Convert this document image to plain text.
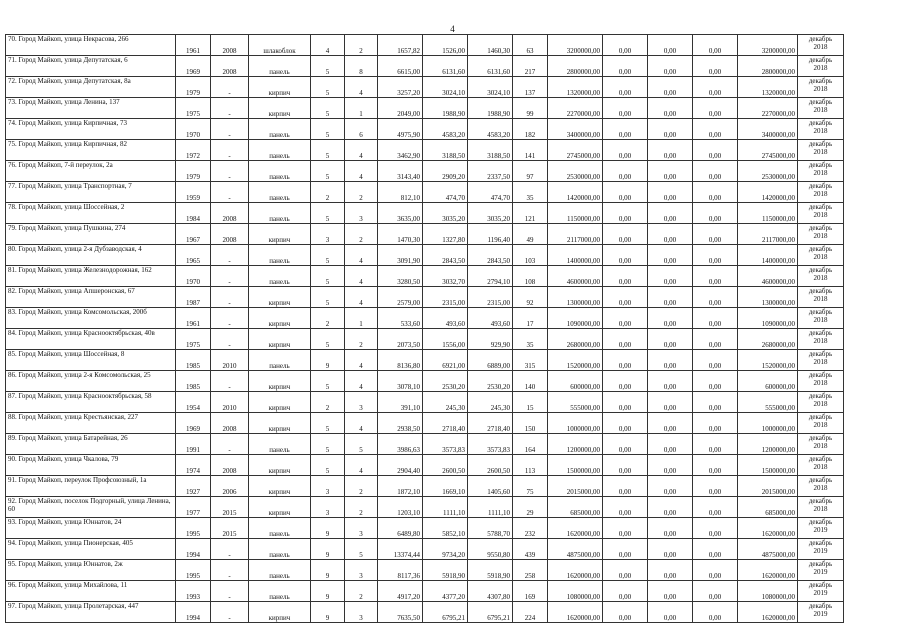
4
70. Город Майкоп, улица Некрасова, 266	1961	2008	шлакоблок	4	2	1657,82	1526,00	1460,30	63	3200000,00	0,00	0,00	0,00	3200000,00	декабрь
2018

71. Город Майкоп, улица Депутатская, 6	1969	2008	панель	5	8	6615,00	6131,60	6131,60	217	2800000,00	0,00	0,00	0,00	2800000,00	декабрь
2018

72. Город Майкоп, улица Депутатская, 8а	1979	-	кирпич	5	4	3257,20	3024,10	3024,10	137	1320000,00	0,00	0,00	0,00	1320000,00	декабрь
2018

73. Город Майкоп, улица Ленина, 137	1975	-	кирпич	5	1	2049,00	1988,90	1988,90	99	2270000,00	0,00	0,00	0,00	2270000,00	декабрь
2018

74. Город Майкоп, улица Кирпичная, 73	1970	-	панель	5	6	4975,90	4583,20	4583,20	182	3400000,00	0,00	0,00	0,00	3400000,00	декабрь
2018

75. Город Майкоп, улица Кирпичная, 82	1972	-	панель	5	4	3462,90	3188,50	3188,50	141	2745000,00	0,00	0,00	0,00	2745000,00	декабрь
2018

76. Город Майкоп, 7-й переулок, 2а	1979	-	панель	5	4	3143,40	2909,20	2337,50	97	2530000,00	0,00	0,00	0,00	2530000,00	декабрь
2018

77. Город Майкоп, улица Транспортная, 7	1959	-	панель	2	2	812,10	474,70	474,70	35	1420000,00	0,00	0,00	0,00	1420000,00	декабрь
2018

78. Город Майкоп, улица Шоссейная, 2	1984	2008	панель	5	3	3635,00	3035,20	3035,20	121	1150000,00	0,00	0,00	0,00	1150000,00	декабрь
2018

79. Город Майкоп, улица Пушкина, 274	1967	2008	кирпич	3	2	1470,30	1327,80	1196,40	49	2117000,00	0,00	0,00	0,00	2117000,00	декабрь
2018

80. Город Майкоп, улица 2-я Дубзаводская, 4	1965	-	панель	5	4	3091,90	2843,50	2843,50	103	1400000,00	0,00	0,00	0,00	1400000,00	декабрь
2018

81. Город Майкоп, улица Железнодорожная, 162	1970	-	панель	5	4	3280,50	3032,70	2794,10	108	4600000,00	0,00	0,00	0,00	4600000,00	декабрь
2018

82. Город Майкоп, улица Апшеронская, 67	1987	-	кирпич	5	4	2579,00	2315,00	2315,00	92	1300000,00	0,00	0,00	0,00	1300000,00	декабрь
2018

83. Город Майкоп, улица Комсомольская, 200б	1961	-	кирпич	2	1	533,60	493,60	493,60	17	1090000,00	0,00	0,00	0,00	1090000,00	декабрь
2018

84. Город Майкоп, улица Краснооктябрьская, 40в	1975	-	кирпич	5	2	2073,50	1556,00	929,90	35	2680000,00	0,00	0,00	0,00	2680000,00	декабрь
2018

85. Город Майкоп, улица Шоссейная, 8	1985	2010	панель	9	4	8136,80	6921,00	6889,00	315	1520000,00	0,00	0,00	0,00	1520000,00	декабрь
2018

86. Город Майкоп, улица 2-я Комсомольская, 25	1985	-	кирпич	5	4	3078,10	2530,20	2530,20	140	600000,00	0,00	0,00	0,00	600000,00	декабрь
2018

87. Город Майкоп, улица Краснооктябрьская, 58	1954	2010	кирпич	2	3	391,10	245,30	245,30	15	555000,00	0,00	0,00	0,00	555000,00	декабрь
2018

88. Город Майкоп, улица Крестьянская, 227	1969	2008	кирпич	5	4	2938,50	2718,40	2718,40	150	1000000,00	0,00	0,00	0,00	1000000,00	декабрь
2018

89. Город Майкоп, улица Батарейная, 26	1991	-	панель	5	5	3986,63	3573,83	3573,83	164	1200000,00	0,00	0,00	0,00	1200000,00	декабрь
2018

90. Город Майкоп, улица Чкалова, 79	1974	2008	кирпич	5	4	2904,40	2600,50	2600,50	113	1500000,00	0,00	0,00	0,00	1500000,00	декабрь
2018

91. Город Майкоп, переулок Профсоюзный, 1а	1927	2006	кирпич	3	2	1872,10	1669,10	1405,60	75	2015000,00	0,00	0,00	0,00	2015000,00	декабрь
2018

92. Город Майкоп, поселок Подгорный, улица Ленина, 60	1977	2015	кирпич	3	2	1203,10	1111,10	1111,10	29	685000,00	0,00	0,00	0,00	685000,00	декабрь
2018

93. Город Майкоп, улица Юннатов, 24	1995	2015	панель	9	3	6489,80	5852,10	5788,70	232	1620000,00	0,00	0,00	0,00	1620000,00	декабрь
2019

94. Город Майкоп, улица Пионерская, 405	1994	-	панель	9	5	13374,44	9734,20	9550,80	439	4875000,00	0,00	0,00	0,00	4875000,00	декабрь
2019

95. Город Майкоп, улица Юннатов, 2ж	1995	-	панель	9	3	8117,36	5918,90	5918,90	258	1620000,00	0,00	0,00	0,00	1620000,00	декабрь
2019

96. Город Майкоп, улица Михайлова, 11	1993	-	панель	9	2	4917,20	4377,20	4307,80	169	1080000,00	0,00	0,00	0,00	1080000,00	декабрь
2019

97. Город Майкоп, улица Пролетарская, 447	1994	-	кирпич	9	3	7635,50	6795,21	6795,21	224	1620000,00	0,00	0,00	0,00	1620000,00	декабрь
2019
